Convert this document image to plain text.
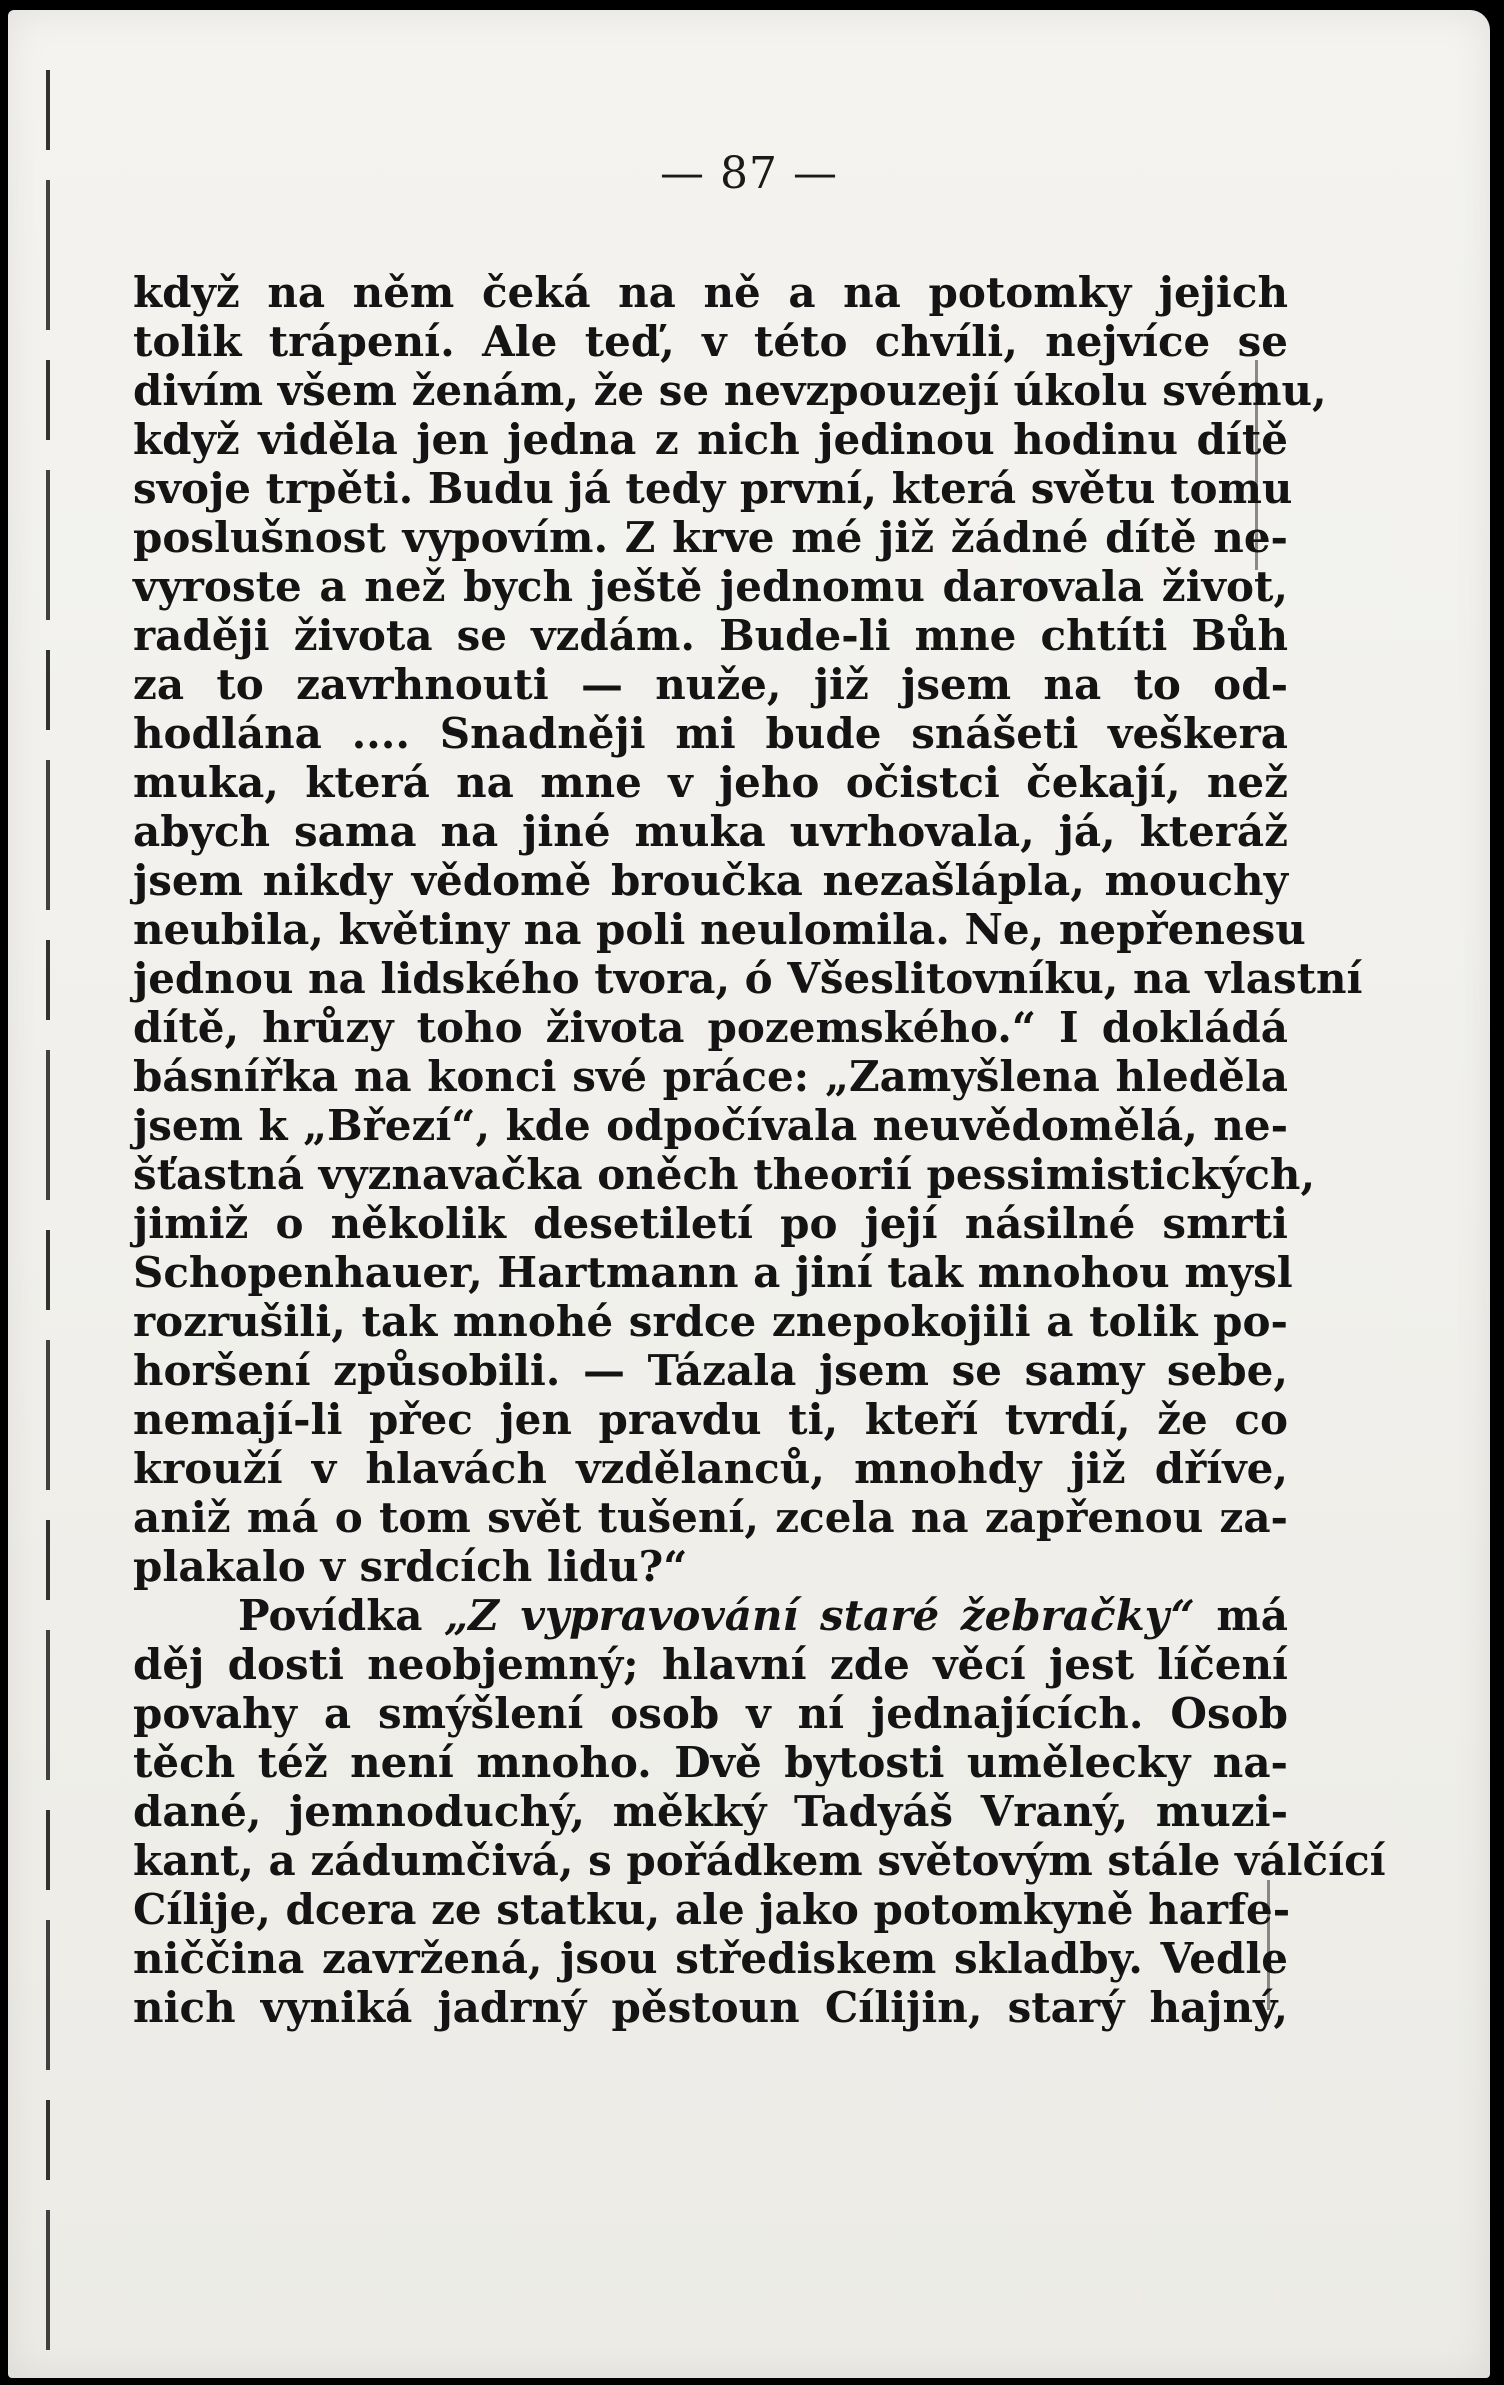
— 87 —
když na něm čeká na ně a na potomky jejich
tolik trápení. Ale teď, v této chvíli, nejvíce se
divím všem ženám, že se nevzpouzejí úkolu svému,
když viděla jen jedna z nich jedinou hodinu dítě
svoje trpěti. Budu já tedy první, která světu tomu
poslušnost vypovím. Z krve mé již žádné dítě ne-
vyroste a než bych ještě jednomu darovala život,
raději života se vzdám. Bude-li mne chtíti Bůh
za to zavrhnouti — nuže, již jsem na to od-
hodlána .... Snadněji mi bude snášeti veškera
muka, která na mne v jeho očistci čekají, než
abych sama na jiné muka uvrhovala, já, kteráž
jsem nikdy vědomě broučka nezašlápla, mouchy
neubila, květiny na poli neulomila. Ne, nepřenesu
jednou na lidského tvora, ó Všeslitovníku, na vlastní
dítě, hrůzy toho života pozemského.“ I dokládá
básnířka na konci své práce: „Zamyšlena hleděla
jsem k „Březí“, kde odpočívala neuvědomělá, ne-
šťastná vyznavačka oněch theorií pessimistických,
jimiž o několik desetiletí po její násilné smrti
Schopenhauer, Hartmann a jiní tak mnohou mysl
rozrušili, tak mnohé srdce znepokojili a tolik po-
horšení způsobili. — Tázala jsem se samy sebe,
nemají-li přec jen pravdu ti, kteří tvrdí, že co
krouží v hlavách vzdělanců, mnohdy již dříve,
aniž má o tom svět tušení, zcela na zapřenou za-
plakalo v srdcích lidu?“
Povídka „Z vypravování staré žebračky“ má
děj dosti neobjemný; hlavní zde věcí jest líčení
povahy a smýšlení osob v ní jednajících. Osob
těch též není mnoho. Dvě bytosti umělecky na-
dané, jemnoduchý, měkký Tadyáš Vraný, muzi-
kant, a zádumčivá, s pořádkem světovým stále válčící
Cílije, dcera ze statku, ale jako potomkyně harfe-
niččina zavržená, jsou střediskem skladby. Vedle
nich vyniká jadrný pěstoun Cílijin, starý hajný,
